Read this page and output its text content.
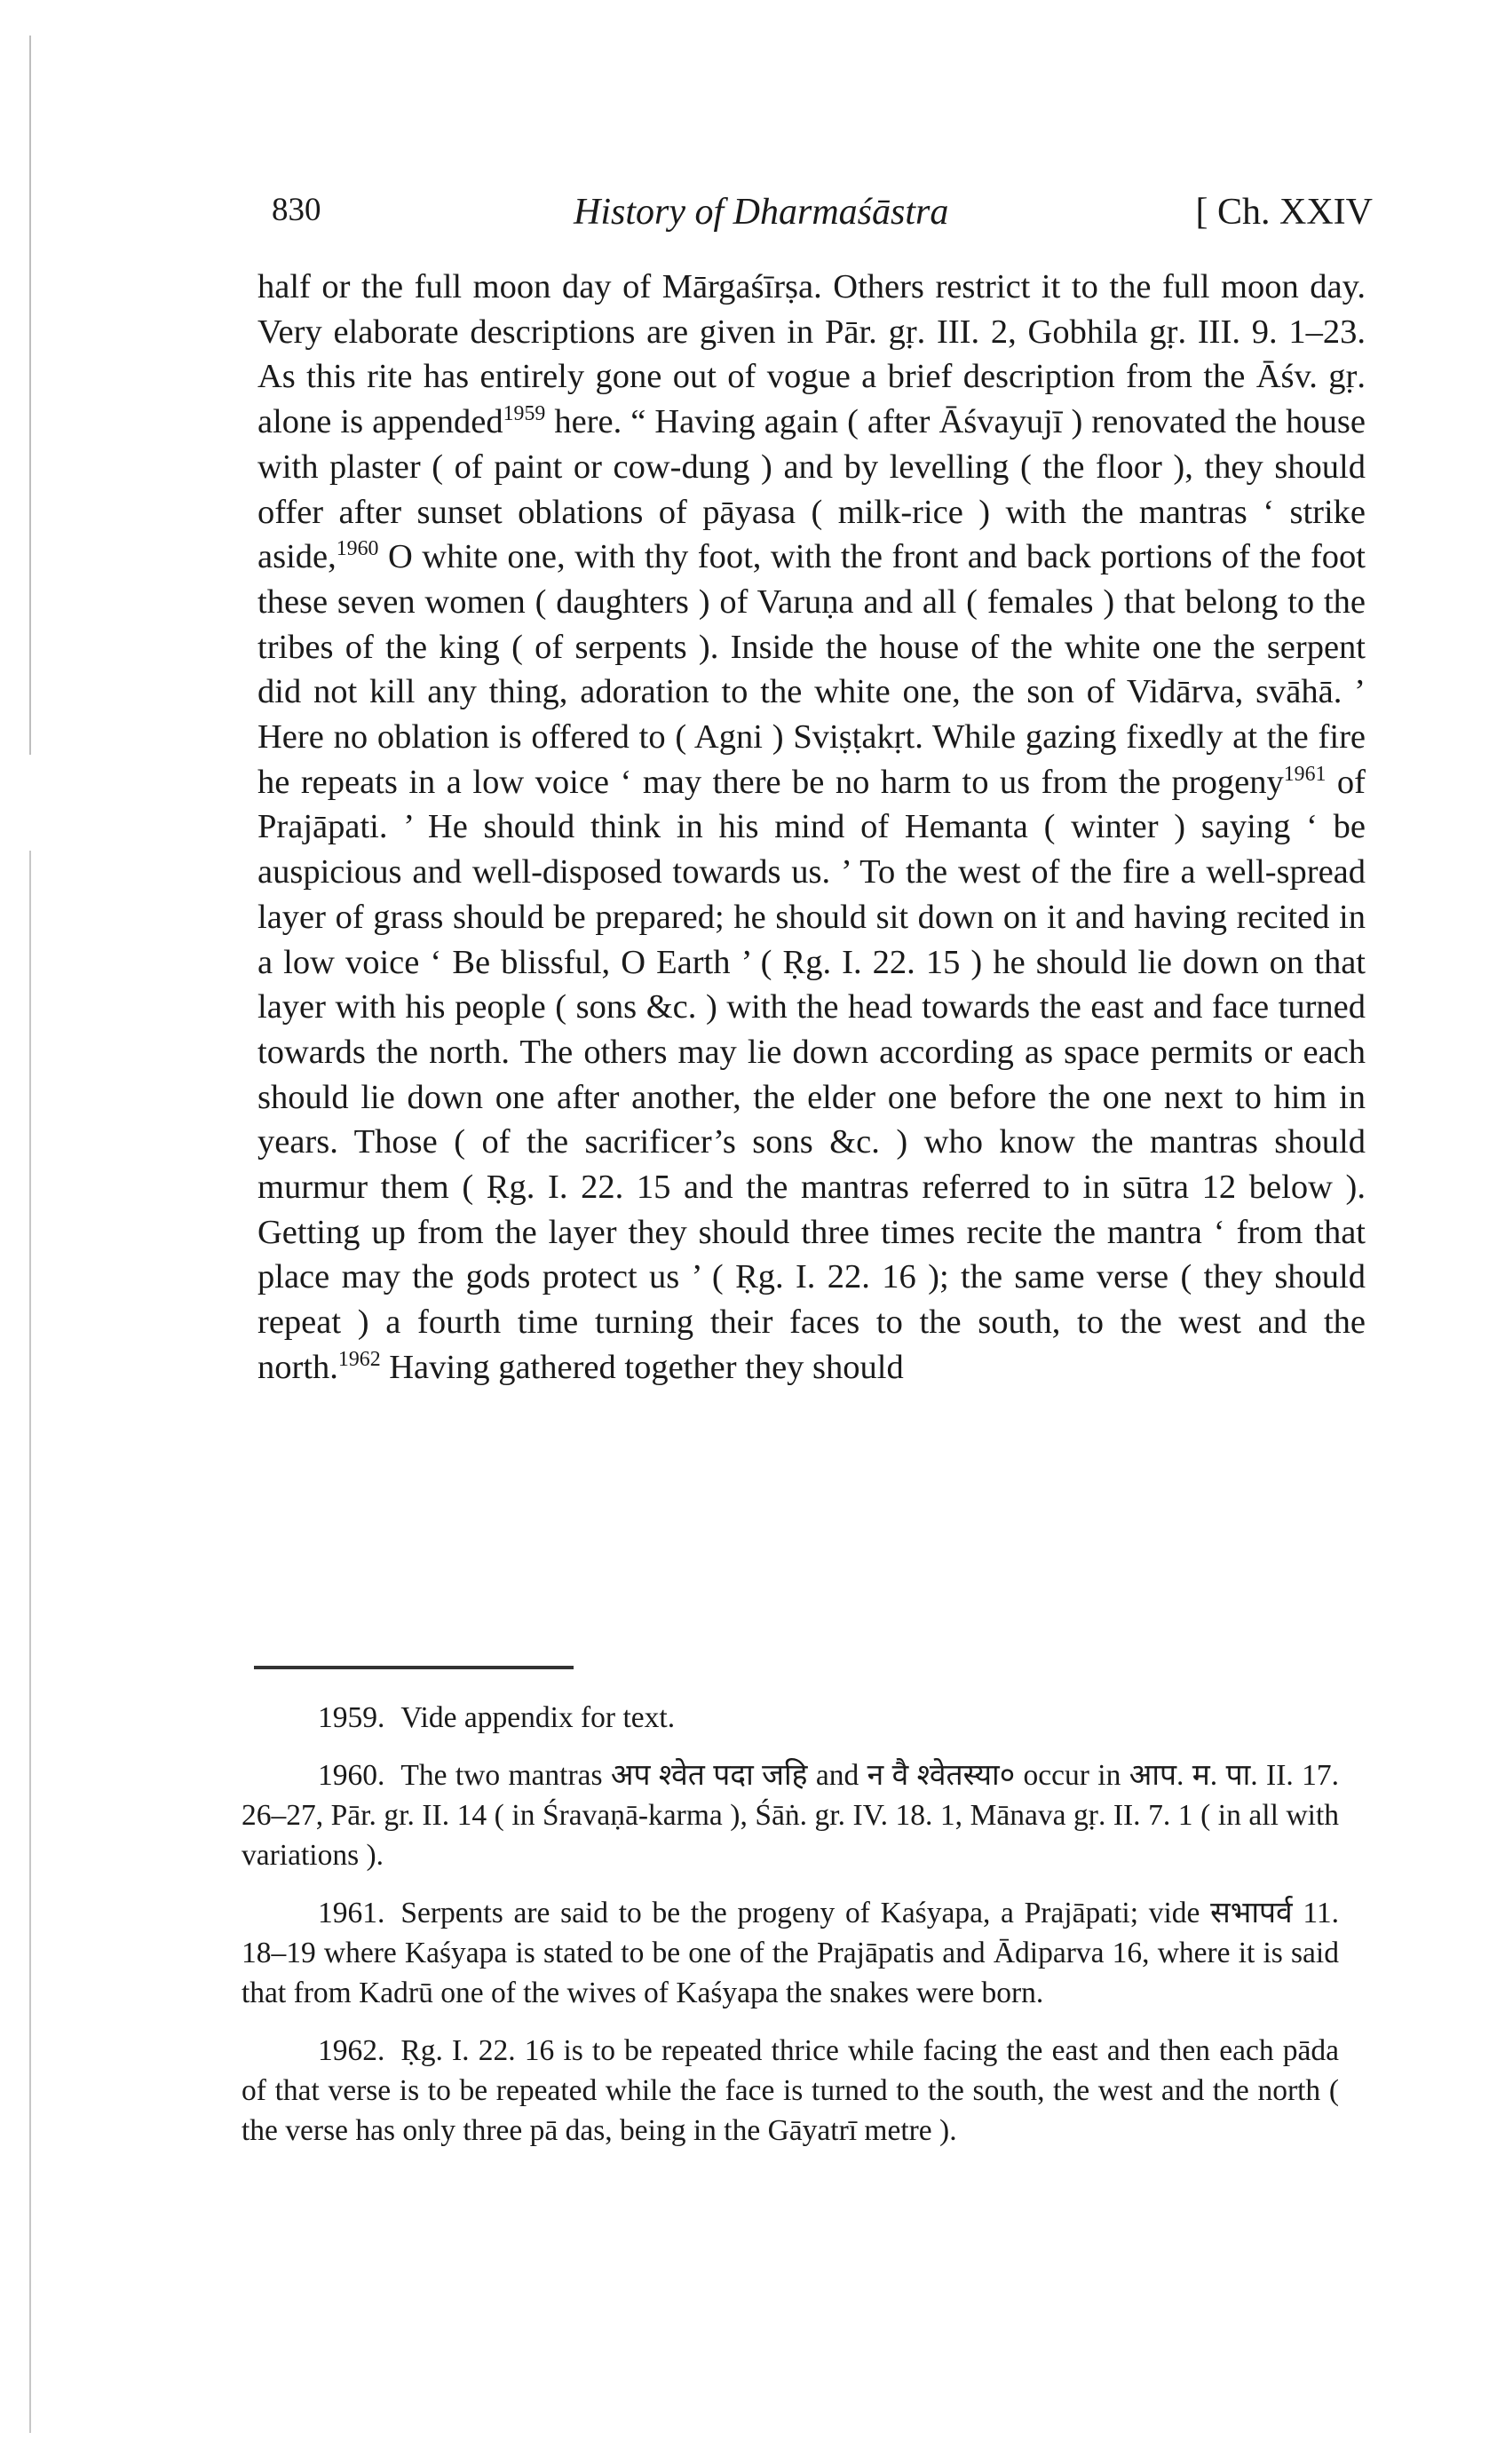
830	History of Dharmaśāstra	[ Ch. XXIV

half or the full moon day of Mārgaśīrṣa. Others restrict it to the full moon day. Very elaborate descriptions are given in Pār. gṛ. III. 2, Gobhila gṛ. III. 9. 1–23. As this rite has entirely gone out of vogue a brief description from the Āśv. gṛ. alone is appended$^{1959}$ here. “ Having again ( after Āśvayujī ) renovated the house with plaster ( of paint or cow-dung ) and by levelling ( the floor ), they should offer after sunset oblations of pāyasa ( milk-rice ) with the mantras ‘ strike aside,$^{1960}$ O white one, with thy foot, with the front and back portions of the foot these seven women ( daughters ) of Varuṇa and all ( females ) that belong to the tribes of the king ( of serpents ). Inside the house of the white one the serpent did not kill any thing, adoration to the white one, the son of Vidārva, svāhā. ’ Here no oblation is offered to ( Agni ) Sviṣṭakṛt. While gazing fixedly at the fire he repeats in a low voice ‘ may there be no harm to us from the progeny$^{1961}$ of Prajāpati. ’ He should think in his mind of Hemanta ( winter ) saying ‘ be auspicious and well-disposed towards us. ’ To the west of the fire a well-spread layer of grass should be prepared; he should sit down on it and having recited in a low voice ‘ Be blissful, O Earth ’ ( Ṛg. I. 22. 15 ) he should lie down on that layer with his people ( sons &c. ) with the head towards the east and face turned towards the north. The others may lie down according as space permits or each should lie down one after another, the elder one before the one next to him in years. Those ( of the sacrificer’s sons &c. ) who know the mantras should murmur them ( Ṛg. I. 22. 15 and the mantras referred to in sūtra 12 below ). Getting up from the layer they should three times recite the mantra ‘ from that place may the gods protect us ’ ( Ṛg. I. 22. 16 ); the same verse ( they should repeat ) a fourth time turning their faces to the south, to the west and the north.$^{1962}$ Having gathered together they should

1959. Vide appendix for text.

1960. The two mantras अप श्वेत पदा जहि and न वै श्वेतस्या० occur in आप. म. पा. II. 17. 26–27, Pār. gr. II. 14 ( in Śravaṇā-karma ), Śāṅ. gr. IV. 18. 1, Mānava gṛ. II. 7. 1 ( in all with variations ).

1961. Serpents are said to be the progeny of Kaśyapa, a Prajāpati; vide सभापर्व 11. 18–19 where Kaśyapa is stated to be one of the Prajāpatis and Ādiparva 16, where it is said that from Kadrū one of the wives of Kaśyapa the snakes were born.

1962. Ṛg. I. 22. 16 is to be repeated thrice while facing the east and then each pāda of that verse is to be repeated while the face is turned to the south, the west and the north ( the verse has only three pā das, being in the Gāyatrī metre ).
